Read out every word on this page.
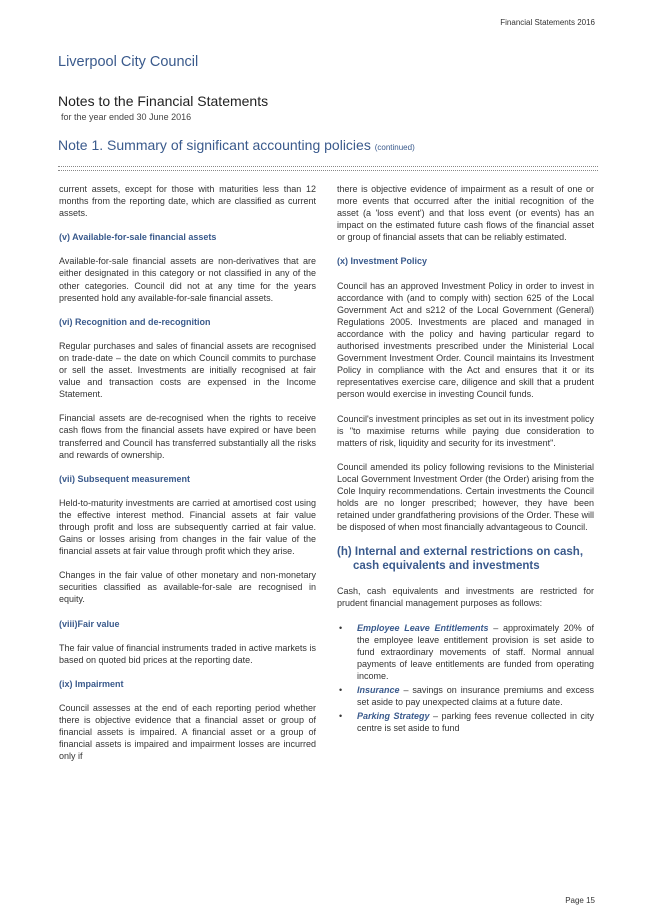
Financial Statements 2016
Liverpool City Council
Notes to the Financial Statements
for the year ended 30 June 2016
Note 1. Summary of significant accounting policies (continued)

current assets, except for those with maturities less than 12 months from the reporting date, which are classified as current assets.

(v) Available-for-sale financial assets

Available-for-sale financial assets are non-derivatives that are either designated in this category or not classified in any of the other categories. Council did not at any time for the years presented hold any available-for-sale financial assets.

(vi) Recognition and de-recognition

Regular purchases and sales of financial assets are recognised on trade-date – the date on which Council commits to purchase or sell the asset. Investments are initially recognised at fair value and transaction costs are expensed in the Income Statement.

Financial assets are de-recognised when the rights to receive cash flows from the financial assets have expired or have been transferred and Council has transferred substantially all the risks and rewards of ownership.

(vii) Subsequent measurement

Held-to-maturity investments are carried at amortised cost using the effective interest method. Financial assets at fair value through profit and loss are subsequently carried at fair value. Gains or losses arising from changes in the fair value of the financial assets at fair value through profit which they arise.

Changes in the fair value of other monetary and non-monetary securities classified as available-for-sale are recognised in equity.

(viii)Fair value

The fair value of financial instruments traded in active markets is based on quoted bid prices at the reporting date.

(ix) Impairment

Council assesses at the end of each reporting period whether there is objective evidence that a financial asset or group of financial assets is impaired. A financial asset or a group of financial assets is impaired and impairment losses are incurred only if

there is objective evidence of impairment as a result of one or more events that occurred after the initial recognition of the asset (a 'loss event') and that loss event (or events) has an impact on the estimated future cash flows of the financial asset or group of financial assets that can be reliably estimated.

(x) Investment Policy

Council has an approved Investment Policy in order to invest in accordance with (and to comply with) section 625 of the Local Government Act and s212 of the Local Government (General) Regulations 2005. Investments are placed and managed in accordance with the policy and having particular regard to authorised investments prescribed under the Ministerial Local Government Investment Order. Council maintains its Investment Policy in compliance with the Act and ensures that it or its representatives exercise care, diligence and skill that a prudent person would exercise in investing Council funds.

Council's investment principles as set out in its investment policy is "to maximise returns while paying due consideration to matters of risk, liquidity and security for its investment".

Council amended its policy following revisions to the Ministerial Local Government Investment Order (the Order) arising from the Cole Inquiry recommendations. Certain investments the Council holds are no longer prescribed; however, they have been retained under grandfathering provisions of the Order. These will be disposed of when most financially advantageous to Council.

(h) Internal and external restrictions on cash, cash equivalents and investments

Cash, cash equivalents and investments are restricted for prudent financial management purposes as follows:

• Employee Leave Entitlements – approximately 20% of the employee leave entitlement provision is set aside to fund extraordinary movements of staff. Normal annual payments of leave entitlements are funded from operating income.
• Insurance – savings on insurance premiums and excess set aside to pay unexpected claims at a future date.
• Parking Strategy – parking fees revenue collected in city centre is set aside to fund
Page 15
